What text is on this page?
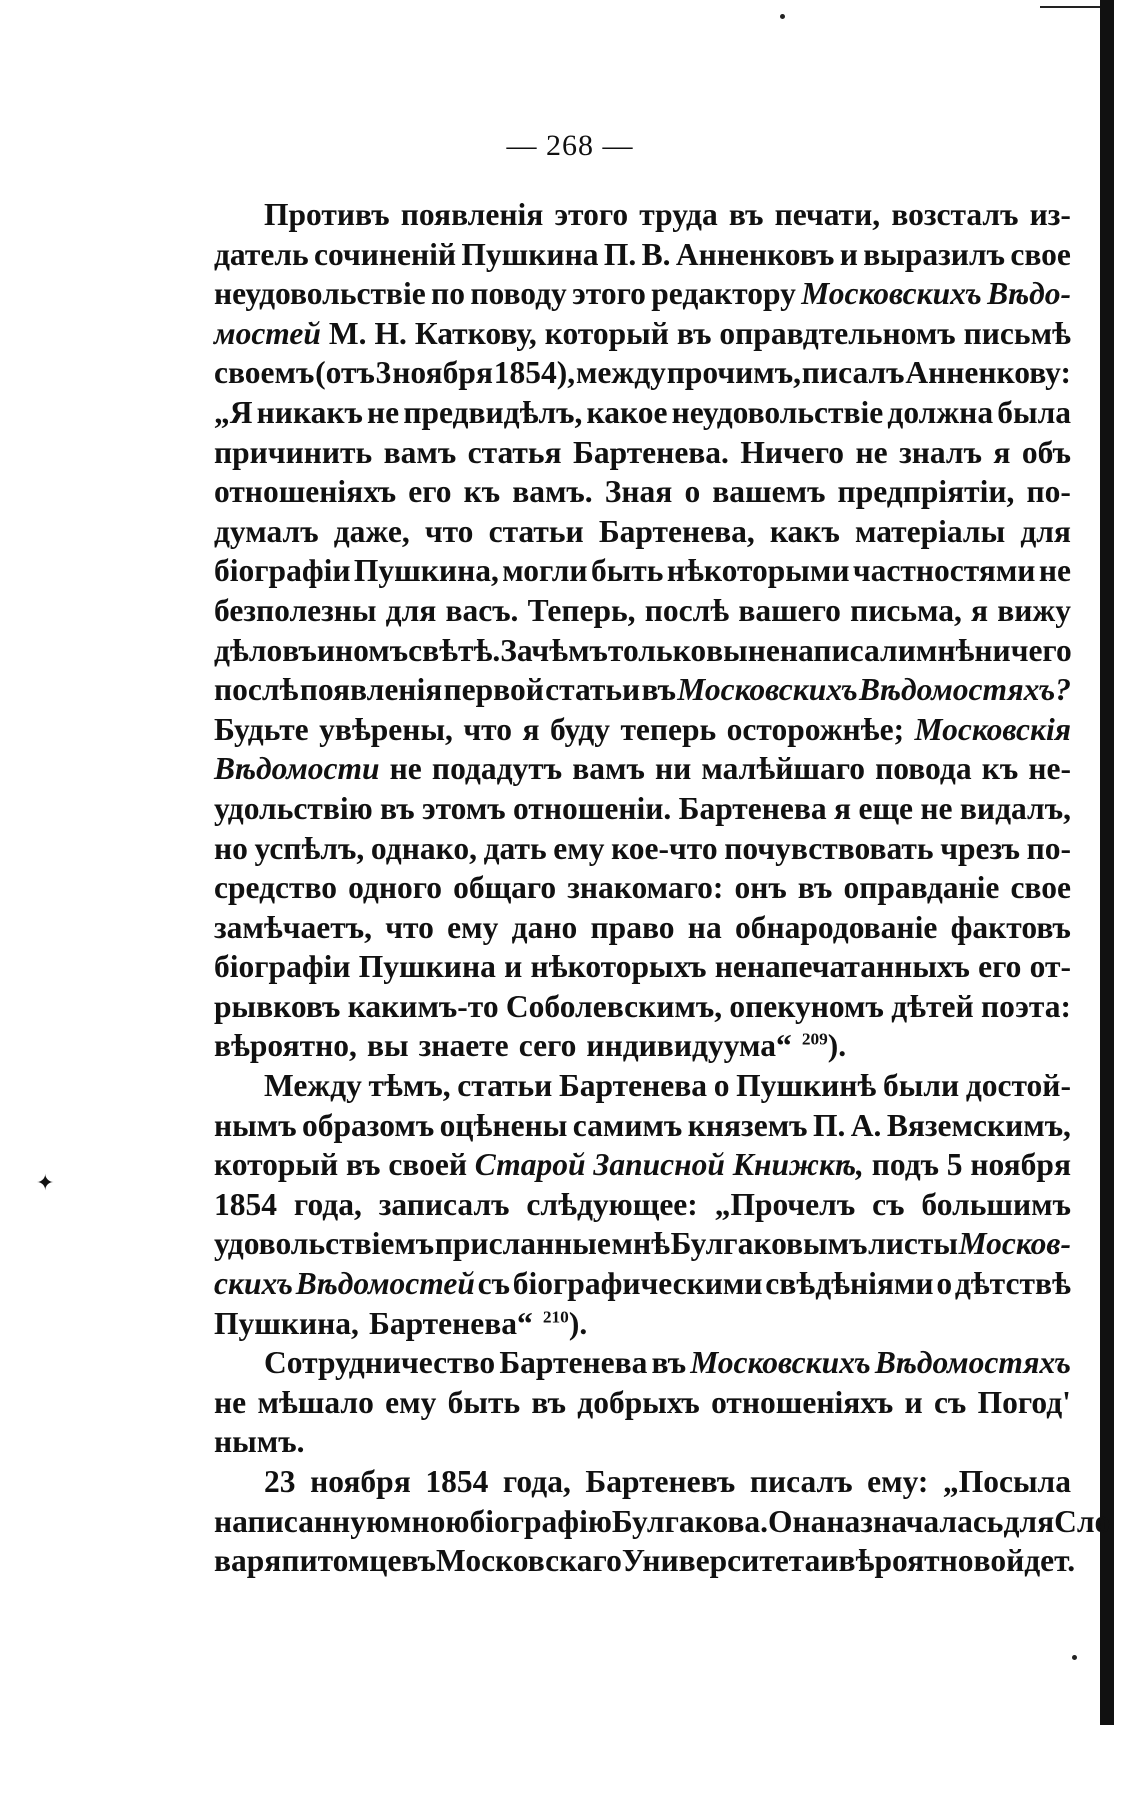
✦
— 268 —
Противъ появленія этого труда въ печати, возсталъ из-
датель сочиненій Пушкина П. В. Анненковъ и выразилъ свое
неудовольствіе по поводу этого редактору Московскихъ Вѣдо-
мостей М. Н. Каткову, который въ оправдтельномъ письмѣ
своемъ (отъ 3 ноября 1854), между прочимъ, писалъ Анненкову:
„Я никакъ не предвидѣлъ, какое неудовольствіе должна была
причинить вамъ статья Бартенева. Ничего не зналъ я объ
отношеніяхъ его къ вамъ. Зная о вашемъ предпріятіи, по-
думалъ даже, что статьи Бартенева, какъ матеріалы для
біографіи Пушкина, могли быть нѣкоторыми частностями не
безполезны для васъ. Теперь, послѣ вашего письма, я вижу
дѣло въ иномъ свѣтѣ. Зачѣмъ только вы не написали мнѣ ничего
послѣ появленія первой статьи въ Московскихъ Вѣдомостяхъ?
Будьте увѣрены, что я буду теперь осторожнѣе; Московскія
Вѣдомости не подадутъ вамъ ни малѣйшаго повода къ не-
удольствію въ этомъ отношеніи. Бартенева я еще не видалъ,
но успѣлъ, однако, дать ему кое-что почувствовать чрезъ по-
средство одного общаго знакомаго: онъ въ оправданіе свое
замѣчаетъ, что ему дано право на обнародованіе фактовъ
біографіи Пушкина и нѣкоторыхъ ненапечатанныхъ его от-
рывковъ какимъ-то Соболевскимъ, опекуномъ дѣтей поэта:
вѣроятно, вы знаете сего индивидуума“ $^{209}$).
Между тѣмъ, статьи Бартенева о Пушкинѣ были достой-
нымъ образомъ оцѣнены самимъ княземъ П. А. Вяземскимъ,
который въ своей Старой Записной Книжкѣ, подъ 5 ноября
1854 года, записалъ слѣдующее: „Прочелъ съ большимъ
удовольствіемъ присланные мнѣ Булгаковымъ листы Москов-
скихъ Вѣдомостей съ біографическими свѣдѣніями о дѣтствѣ
Пушкина, Бартенева“ $^{210}$).
Сотрудничество Бартенева въ Московскихъ Вѣдомостяхъ
не мѣшало ему быть въ добрыхъ отношеніяхъ и съ Погод'
нымъ.
23 ноября 1854 года, Бартеневъ писалъ ему: „Посыла
написанную мною біографію Булгакова. Она назначалась для Сло
варя питомцевъ Московскаго Университета и вѣроятно войдет.
